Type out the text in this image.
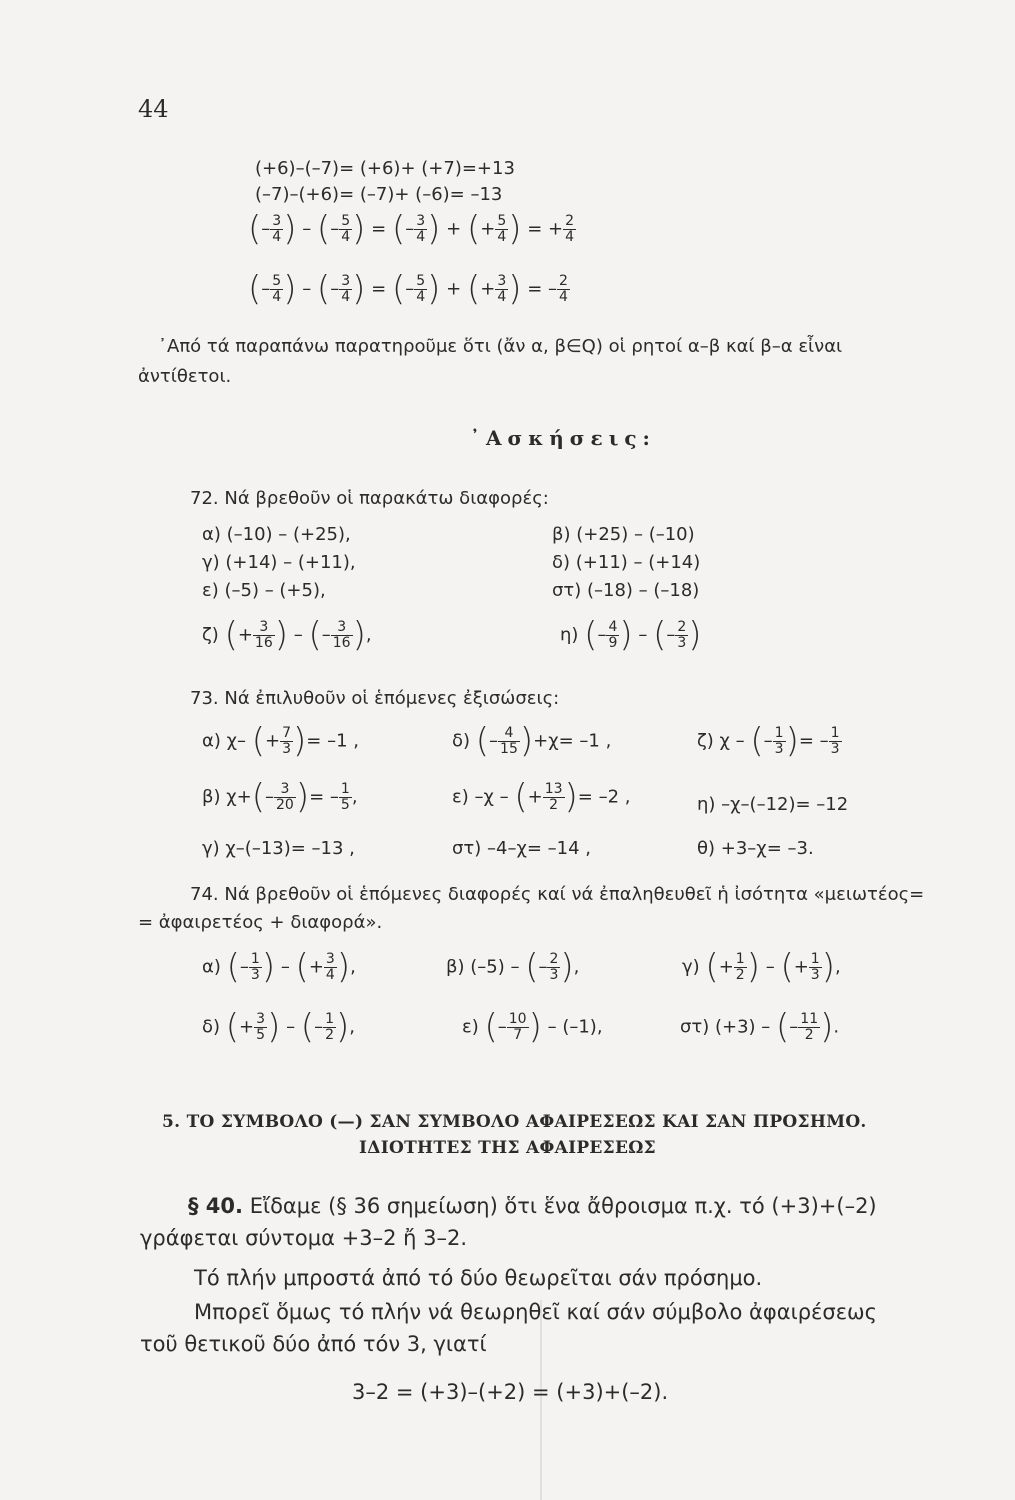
44
(+6)–(–7)= (+6)+ (+7)=+13
(–7)–(+6)= (–7)+ (–6)= –13
(– $\frac{3}{4}$ ) – (– $\frac{5}{4}$ ) = (– $\frac{3}{4}$ ) + (+ $\frac{5}{4}$ ) = + $\frac{2}{4}$
(– $\frac{5}{4}$ ) – (– $\frac{3}{4}$ ) = (– $\frac{5}{4}$ ) + (+ $\frac{3}{4}$ ) = – $\frac{2}{4}$
᾿Από τά παραπάνω παρατηροῦμε ὅτι (ἄν α, β∈Q) οἱ ρητοί α–β καί β–α εἶναι
ἀντίθετοι.
᾿Ασκήσεις:
72. Νά βρεθοῦν οἱ παρακάτω διαφορές:
α) (–10) – (+25),	β) (+25) – (–10)
γ) (+14) – (+11),	δ) (+11) – (+14)
ε) (–5) – (+5),	στ) (–18) – (–18)
ζ) (+ $\frac{3}{16}$ ) – (– $\frac{3}{16}$ ),	η) (– $\frac{4}{9}$ ) – (– $\frac{2}{3}$ )
73. Νά ἐπιλυθοῦν οἱ ἑπόμενες ἐξισώσεις:
α) χ– (+ $\frac{7}{3}$ )= –1 ,	δ) (– $\frac{4}{15} )+\chi= -1$ ,	ζ) χ – (– $\frac{1}{3}$ )= – $\frac{1}{3}$
β) $\chi+(- \frac{3}{20}$ )= – $\frac{1}{5}$ ,	ε) –χ – (+ $\frac{13}{2}$ )= –2 ,	η) –χ–(–12)= –12
γ) χ–(–13)= –13 ,	στ) –4–χ= –14 ,	θ) +3–χ= –3.
74. Νά βρεθοῦν οἱ ἑπόμενες διαφορές καί νά ἐπαληθευθεῖ ἡ ἰσότητα «μειωτέος=
= ἀφαιρετέος + διαφορά».
α) (– $\frac{1}{3}$ ) – (+ $\frac{3}{4}$ ),	β) (–5) – (– $\frac{2}{3}$ ),	γ) (+ $\frac{1}{2}$ ) – (+ $\frac{1}{3}$ ),
δ) (+ $\frac{3}{5}$ ) – (– $\frac{1}{2}$ ),	ε) (– $\frac{10}{7}$ ) – (–1),	στ) (+3) – (– $\frac{11}{2}$ ).
5. ΤΟ ΣΥΜΒΟΛΟ (—) ΣΑΝ ΣΥΜΒΟΛΟ ΑΦΑΙΡΕΣΕΩΣ ΚΑΙ ΣΑΝ ΠΡΟΣΗΜΟ.
ΙΔΙΟΤΗΤΕΣ ΤΗΣ ΑΦΑΙΡΕΣΕΩΣ
§ 40. Εἴδαμε (§ 36 σημείωση) ὅτι ἕνα ἄθροισμα π.χ. τό (+3)+(–2)
γράφεται σύντομα +3–2 ἤ 3–2.
Τό πλήν μπροστά ἀπό τό δύο θεωρεῖται σάν πρόσημο.
Μπορεῖ ὅμως τό πλήν νά θεωρηθεῖ καί σάν σύμβολο ἀφαιρέσεως
τοῦ θετικοῦ δύο ἀπό τόν 3, γιατί
3–2 = (+3)–(+2) = (+3)+(–2).
